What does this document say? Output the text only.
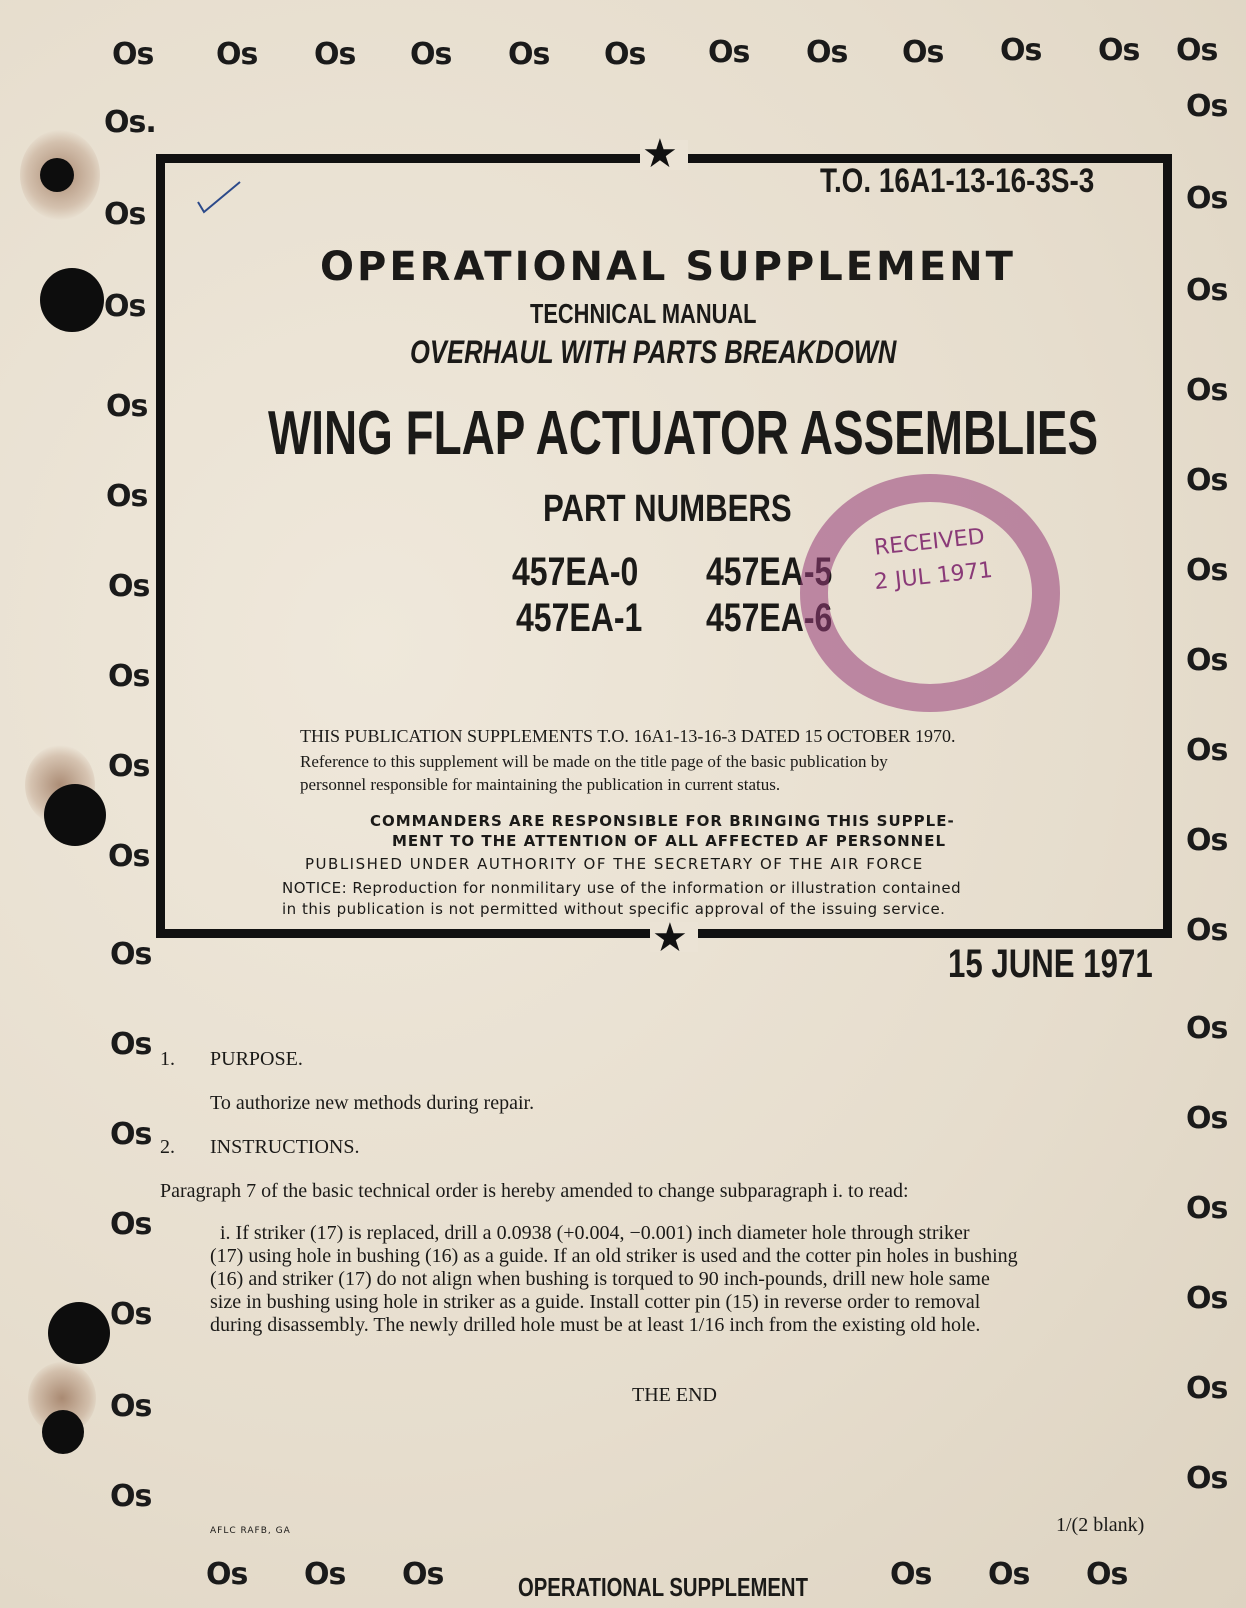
Os Os Os Os Os Os Os Os Os Os Os Os
Os.
Os
Os
Os
Os
Os
Os
Os
Os
Os
Os
Os
Os
Os
Os
Os
Os
Os
Os
Os
Os
Os
Os
Os
Os
Os
Os
Os
Os
Os
Os
Os
Os Os Os	Os Os Os
★
★
T.O. 16A1-13-16-3S-3
OPERATIONAL SUPPLEMENT
TECHNICAL MANUAL
OVERHAUL WITH PARTS BREAKDOWN
WING FLAP ACTUATOR ASSEMBLIES
PART NUMBERS
457EA-0 457EA-5
457EA-1 457EA-6
RECEIVED
2 JUL 1971
THIS PUBLICATION SUPPLEMENTS T.O. 16A1-13-16-3 DATED 15 OCTOBER 1970.
Reference to this supplement will be made on the title page of the basic publication by
personnel responsible for maintaining the publication in current status.
COMMANDERS ARE RESPONSIBLE FOR BRINGING THIS SUPPLE-
MENT TO THE ATTENTION OF ALL AFFECTED AF PERSONNEL
PUBLISHED UNDER AUTHORITY OF THE SECRETARY OF THE AIR FORCE
NOTICE: Reproduction for nonmilitary use of the information or illustration contained
in this publication is not permitted without specific approval of the issuing service.
15 JUNE 1971
1. PURPOSE.
To authorize new methods during repair.
2. INSTRUCTIONS.
Paragraph 7 of the basic technical order is hereby amended to change subparagraph i. to read:
i. If striker (17) is replaced, drill a 0.0938 (+0.004, −0.001) inch diameter hole through striker
(17) using hole in bushing (16) as a guide. If an old striker is used and the cotter pin holes in bushing
(16) and striker (17) do not align when bushing is torqued to 90 inch-pounds, drill new hole same
size in bushing using hole in striker as a guide. Install cotter pin (15) in reverse order to removal
during disassembly. The newly drilled hole must be at least 1/16 inch from the existing old hole.
THE END
AFLC RAFB, GA	1/(2 blank)
OPERATIONAL SUPPLEMENT
